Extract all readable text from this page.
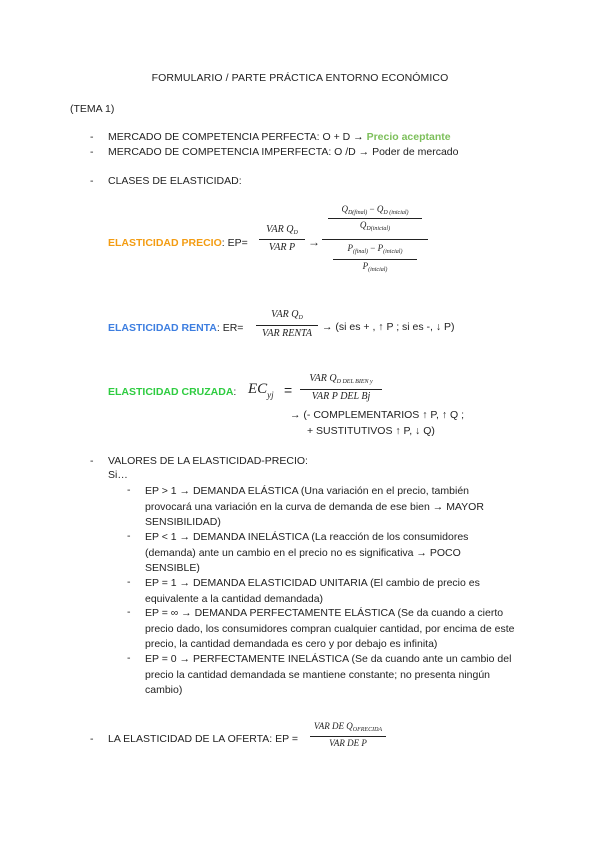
FORMULARIO / PARTE PRÁCTICA ENTORNO ECONÓMICO
(TEMA 1)
- MERCADO DE COMPETENCIA PERFECTA: O + D → Precio aceptante
- MERCADO DE COMPETENCIA IMPERFECTA: O /D → Poder de mercado
- CLASES DE ELASTICIDAD:
ELASTICIDAD PRECIO: EP=
VAR $Q_D$
VAR P	→
$Q_{D(final)} - Q_{D (inicial)}$
$Q_{D(inicial)}$
$P_{(final)} - P_{(inicial)}$
$P_{(inicial)}$
ELASTICIDAD RENTA: ER=
VAR $Q_D$
VAR RENTA
→ (si es + , ↑ P ; si es -, ↓ P)
ELASTICIDAD CRUZADA: $EC_{yj}$ =
VAR $Q_{D DEL BIEN y}$
VAR P DEL Bj
→ (- COMPLEMENTARIOS ↑ P, ↑ Q ;
+ SUSTITUTIVOS ↑ P, ↓ Q)
- VALORES DE LA ELASTICIDAD-PRECIO:
Si…
- EP > 1 → DEMANDA ELÁSTICA (Una variación en el precio, también provocará una variación en la curva de demanda de ese bien → MAYOR SENSIBILIDAD)
- EP < 1 → DEMANDA INELÁSTICA (La reacción de los consumidores (demanda) ante un cambio en el precio no es significativa → POCO SENSIBLE)
- EP = 1 → DEMANDA ELASTICIDAD UNITARIA (El cambio de precio es equivalente a la cantidad demandada)
- EP = ∞ → DEMANDA PERFECTAMENTE ELÁSTICA (Se da cuando a cierto precio dado, los consumidores compran cualquier cantidad, por encima de este precio, la cantidad demandada es cero y por debajo es infinita)
- EP = 0 → PERFECTAMENTE INELÁSTICA (Se da cuando ante un cambio del precio la cantidad demandada se mantiene constante; no presenta ningún cambio)
- LA ELASTICIDAD DE LA OFERTA: EP =
VAR DE $Q_{OFRECIDA}$
VAR DE P
